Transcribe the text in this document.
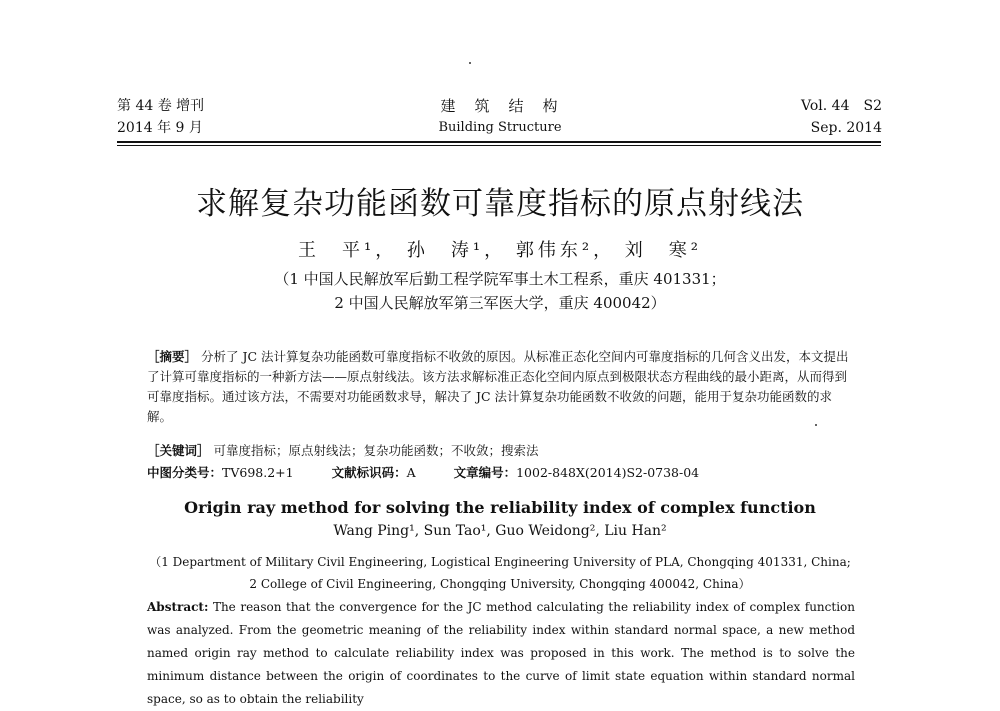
第 44 卷 增刊
2014 年 9 月
建　筑　结　构
Building Structure
Vol. 44　S2
Sep. 2014
求解复杂功能函数可靠度指标的原点射线法
王　平¹， 孙　涛¹， 郭伟东²， 刘　寒²
（1 中国人民解放军后勤工程学院军事土木工程系，重庆 401331；
2 中国人民解放军第三军医大学，重庆 400042）
［摘要］ 分析了 JC 法计算复杂功能函数可靠度指标不收敛的原因。从标准正态化空间内可靠度指标的几何含义出发，本文提出了计算可靠度指标的一种新方法——原点射线法。该方法求解标准正态化空间内原点到极限状态方程曲线的最小距离，从而得到可靠度指标。通过该方法，不需要对功能函数求导，解决了 JC 法计算复杂功能函数不收敛的问题，能用于复杂功能函数的求解。
［关键词］ 可靠度指标；原点射线法；复杂功能函数；不收敛；搜索法
中图分类号：TV698.2+1	文献标识码：A	文章编号：1002-848X(2014)S2-0738-04
Origin ray method for solving the reliability index of complex function
Wang Ping¹, Sun Tao¹, Guo Weidong², Liu Han²
（1 Department of Military Civil Engineering, Logistical Engineering University of PLA, Chongqing 401331, China;
2 College of Civil Engineering, Chongqing University, Chongqing 400042, China）
Abstract: The reason that the convergence for the JC method calculating the reliability index of complex function was analyzed. From the geometric meaning of the reliability index within standard normal space, a new method named origin ray method to calculate reliability index was proposed in this work. The method is to solve the minimum distance between the origin of coordinates to the curve of limit state equation within standard normal space, so as to obtain the reliability
